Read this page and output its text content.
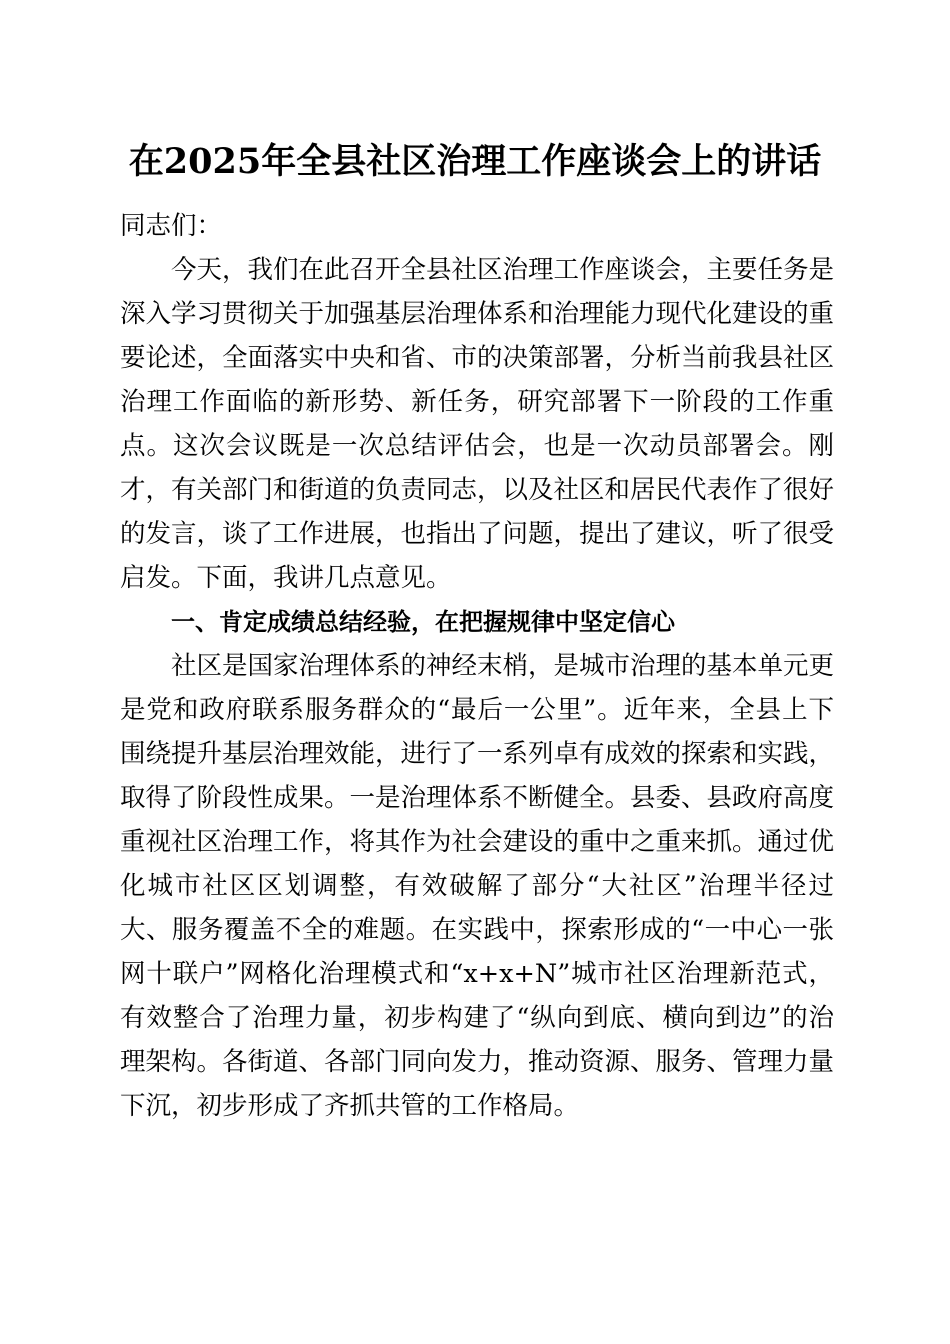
在2025年全县社区治理工作座谈会上的讲话

同志们：

今天，我们在此召开全县社区治理工作座谈会，主要任务是深入学习贯彻关于加强基层治理体系和治理能力现代化建设的重要论述，全面落实中央和省、市的决策部署，分析当前我县社区治理工作面临的新形势、新任务，研究部署下一阶段的工作重点。这次会议既是一次总结评估会，也是一次动员部署会。刚才，有关部门和街道的负责同志，以及社区和居民代表作了很好的发言，谈了工作进展，也指出了问题，提出了建议，听了很受启发。下面，我讲几点意见。

一、肯定成绩总结经验，在把握规律中坚定信心

社区是国家治理体系的神经末梢，是城市治理的基本单元更是党和政府联系服务群众的“最后一公里”。近年来，全县上下围绕提升基层治理效能，进行了一系列卓有成效的探索和实践，取得了阶段性成果。一是治理体系不断健全。县委、县政府高度重视社区治理工作，将其作为社会建设的重中之重来抓。通过优化城市社区区划调整，有效破解了部分“大社区”治理半径过大、服务覆盖不全的难题。在实践中，探索形成的“一中心一张网十联户”网格化治理模式和“x+x+N”城市社区治理新范式，有效整合了治理力量，初步构建了“纵向到底、横向到边”的治理架构。各街道、各部门同向发力，推动资源、服务、管理力量下沉，初步形成了齐抓共管的工作格局。
